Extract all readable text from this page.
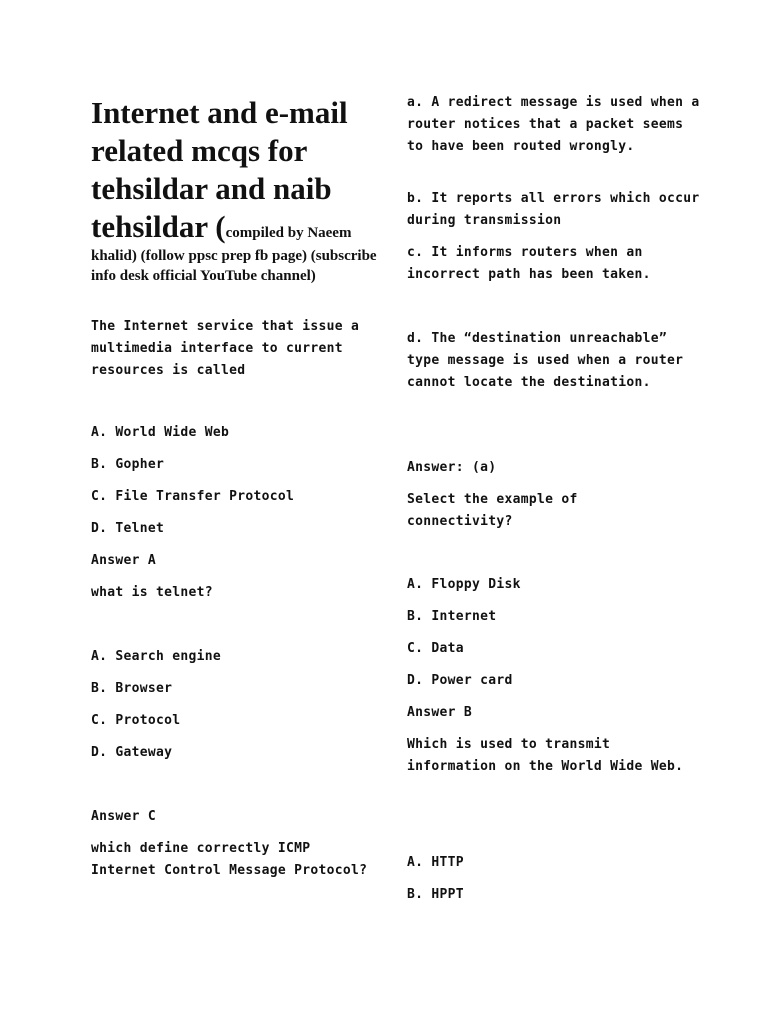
Internet and e-mail related mcqs for tehsildar and naib tehsildar (compiled by Naeem
khalid) (follow ppsc prep fb page) (subscribe info desk official YouTube channel)

The Internet service that issue a multimedia interface to current resources is called

A. World Wide Web

B. Gopher

C. File Transfer Protocol

D. Telnet

Answer A

what is telnet?

A. Search engine

B. Browser

C. Protocol

D. Gateway

Answer C

which define correctly ICMP Internet Control Message Protocol?

a. A redirect message is used when a router notices that a packet seems to have been routed wrongly.

b. It reports all errors which occur during transmission

c. It informs routers when an incorrect path has been taken.

d. The “destination unreachable” type message is used when a router cannot locate the destination.

Answer: (a)

Select the example of connectivity?

A. Floppy Disk

B. Internet

C. Data

D. Power card

Answer B

Which is used to transmit information on the World Wide Web.

A. HTTP

B. HPPT
